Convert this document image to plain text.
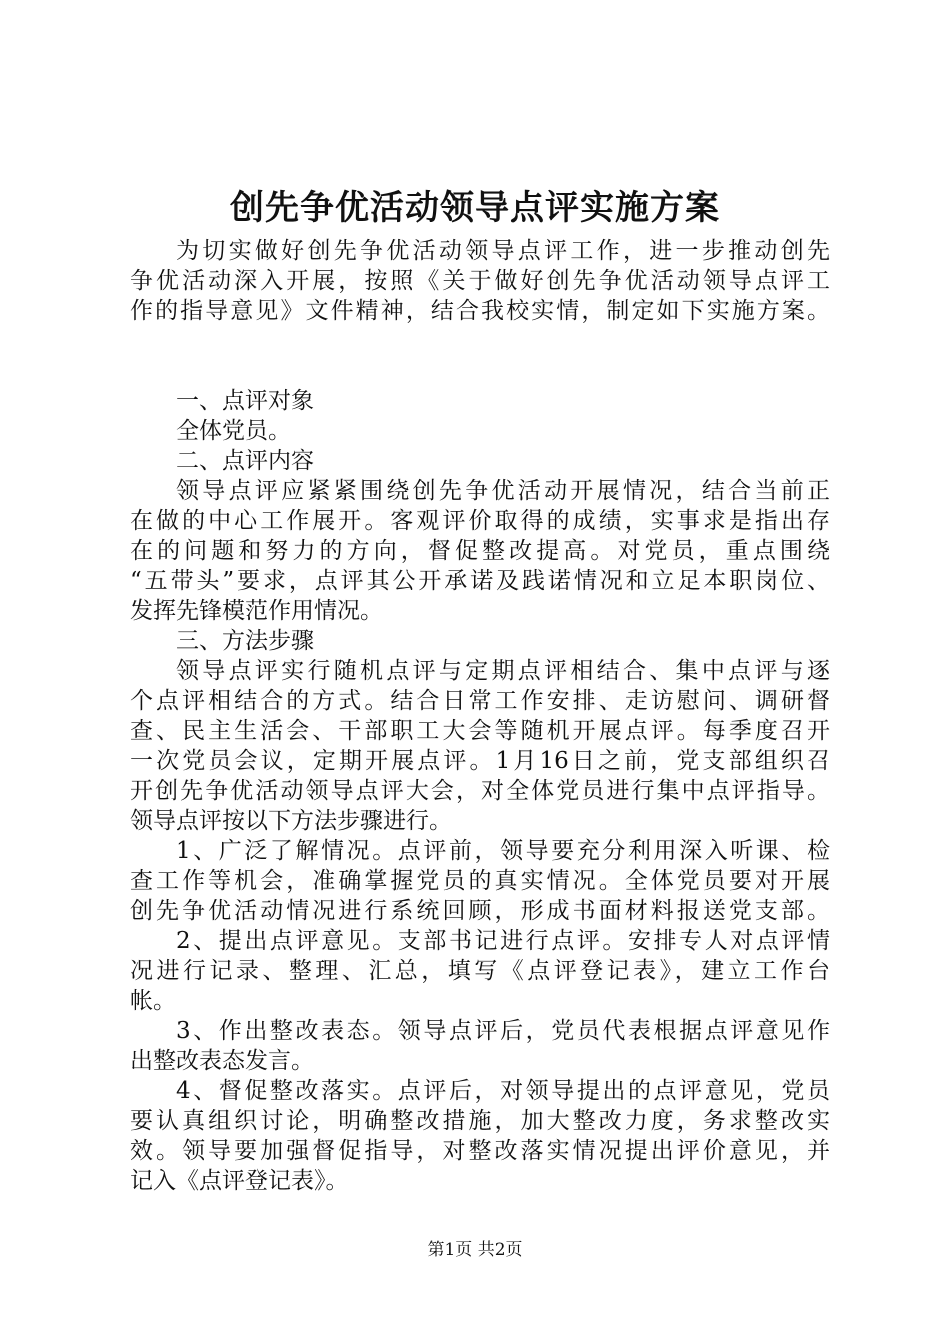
创先争优活动领导点评实施方案
为切实做好创先争优活动领导点评工作，进一步推动创先
争优活动深入开展，按照《关于做好创先争优活动领导点评工
作的指导意见》文件精神，结合我校实情，制定如下实施方案。
一、点评对象
全体党员。
二、点评内容
领导点评应紧紧围绕创先争优活动开展情况，结合当前正
在做的中心工作展开。客观评价取得的成绩，实事求是指出存
在的问题和努力的方向，督促整改提高。对党员，重点围绕
“五带头”要求，点评其公开承诺及践诺情况和立足本职岗位、
发挥先锋模范作用情况。
三、方法步骤
领导点评实行随机点评与定期点评相结合、集中点评与逐
个点评相结合的方式。结合日常工作安排、走访慰问、调研督
查、民主生活会、干部职工大会等随机开展点评。每季度召开
一次党员会议，定期开展点评。1月16日之前，党支部组织召
开创先争优活动领导点评大会，对全体党员进行集中点评指导。
领导点评按以下方法步骤进行。
1、广泛了解情况。点评前，领导要充分利用深入听课、检
查工作等机会，准确掌握党员的真实情况。全体党员要对开展
创先争优活动情况进行系统回顾，形成书面材料报送党支部。
2、提出点评意见。支部书记进行点评。安排专人对点评情
况进行记录、整理、汇总，填写《点评登记表》，建立工作台
帐。
3、作出整改表态。领导点评后，党员代表根据点评意见作
出整改表态发言。
4、督促整改落实。点评后，对领导提出的点评意见，党员
要认真组织讨论，明确整改措施，加大整改力度，务求整改实
效。领导要加强督促指导，对整改落实情况提出评价意见，并
记入《点评登记表》。
第1页 共2页
